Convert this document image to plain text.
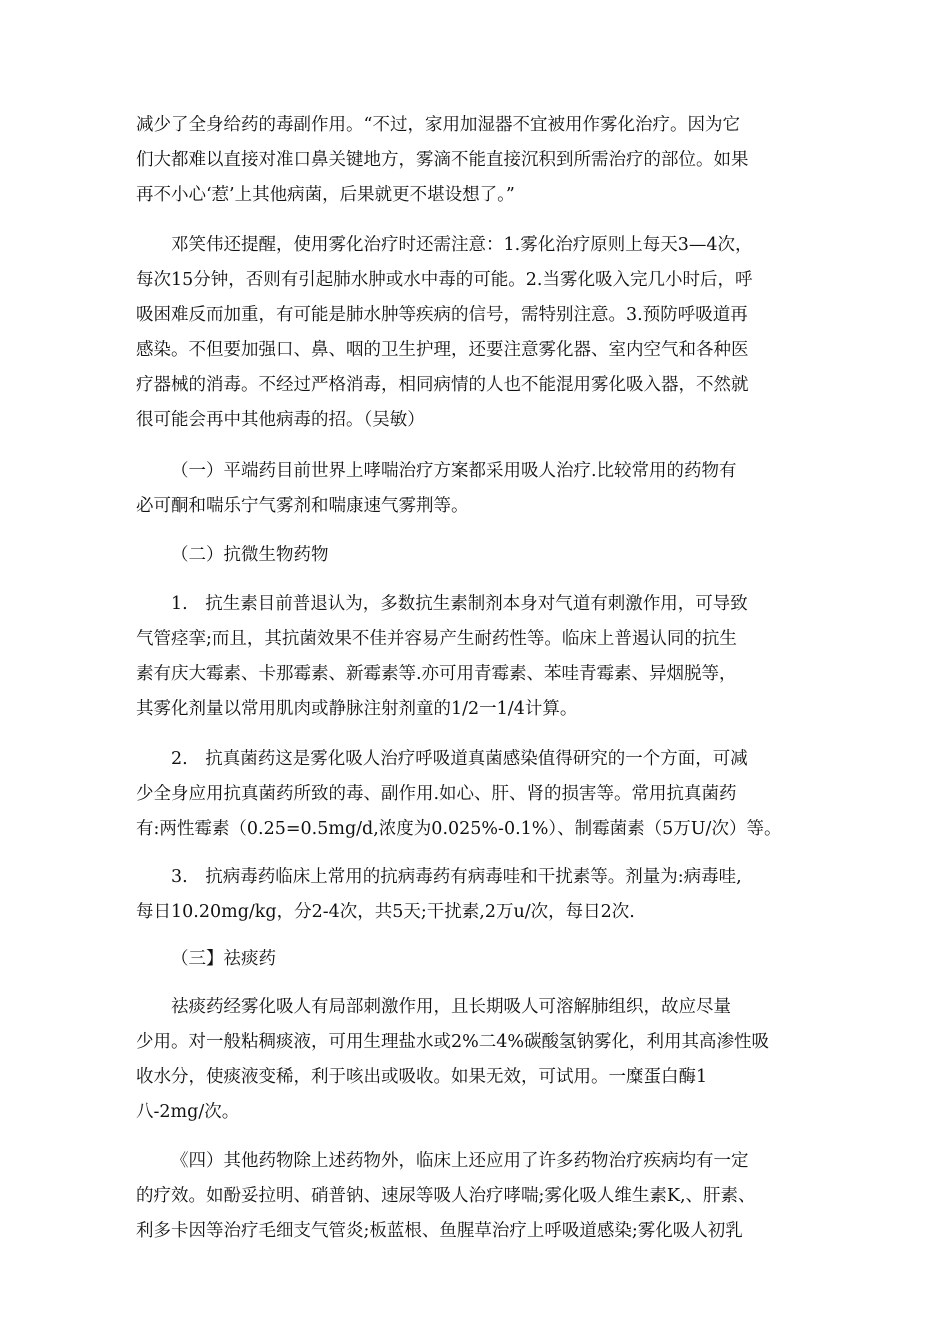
减少了全身给药的毒副作用。“不过，家用加湿器不宜被用作雾化治疗。因为它
们大都难以直接对准口鼻关键地方，雾滴不能直接沉积到所需治疗的部位。如果
再不小心‘惹’上其他病菌，后果就更不堪设想了。”
邓笑伟还提醒，使用雾化治疗时还需注意：1.雾化治疗原则上每天3—4次，
每次15分钟，否则有引起肺水肿或水中毒的可能。2.当雾化吸入完几小时后，呼
吸困难反而加重，有可能是肺水肿等疾病的信号，需特别注意。3.预防呼吸道再
感染。不但要加强口、鼻、咽的卫生护理，还要注意雾化器、室内空气和各种医
疗器械的消毒。不经过严格消毒，相同病情的人也不能混用雾化吸入器，不然就
很可能会再中其他病毒的招。（吴敏）
（一）平端药目前世界上哮喘治疗方案都采用吸人治疗.比较常用的药物有
必可酮和喘乐宁气雾剂和喘康速气雾荆等。
（二）抗微生物药物
1.　抗生素目前普退认为，多数抗生素制剂本身对气道有刺激作用，可导致
气管痉挛;而且，其抗菌效果不佳并容易产生耐药性等。临床上普遏认同的抗生
素有庆大霉素、卡那霉素、新霉素等.亦可用青霉素、苯哇青霉素、异烟脱等，
其雾化剂量以常用肌肉或静脉注射剂童的1/2一1/4计算。
2.　抗真菌药这是雾化吸人治疗呼吸道真菌感染值得研究的一个方面，可减
少全身应用抗真菌药所致的毒、副作用.如心、肝、肾的损害等。常用抗真菌药
有:两性霉素（0.25=0.5mg/d,浓度为0.025%-0.1%）、制霉菌素（5万U/次）等。
3.　抗病毒药临床上常用的抗病毒药有病毒哇和干扰素等。剂量为:病毒哇,
每日10.20mg/kg，分2-4次，共5天;干扰素,2万u/次，每日2次.
（三】祛痰药
祛痰药经雾化吸人有局部刺激作用，且长期吸人可溶解肺组织，故应尽量
少用。对一般粘稠痰液，可用生理盐水或2%二4%碳酸氢钠雾化，利用其高渗性吸
收水分，使痰液变稀，利于咳出或吸收。如果无效，可试用。一糜蛋白酶1
八-2mg/次。
《四）其他药物除上述药物外，临床上还应用了许多药物治疗疾病均有一定
的疗效。如酚妥拉明、硝普钠、速尿等吸人治疗哮喘;雾化吸人维生素K,、肝素、
利多卡因等治疗毛细支气管炎;板蓝根、鱼腥草治疗上呼吸道感染;雾化吸人初乳
